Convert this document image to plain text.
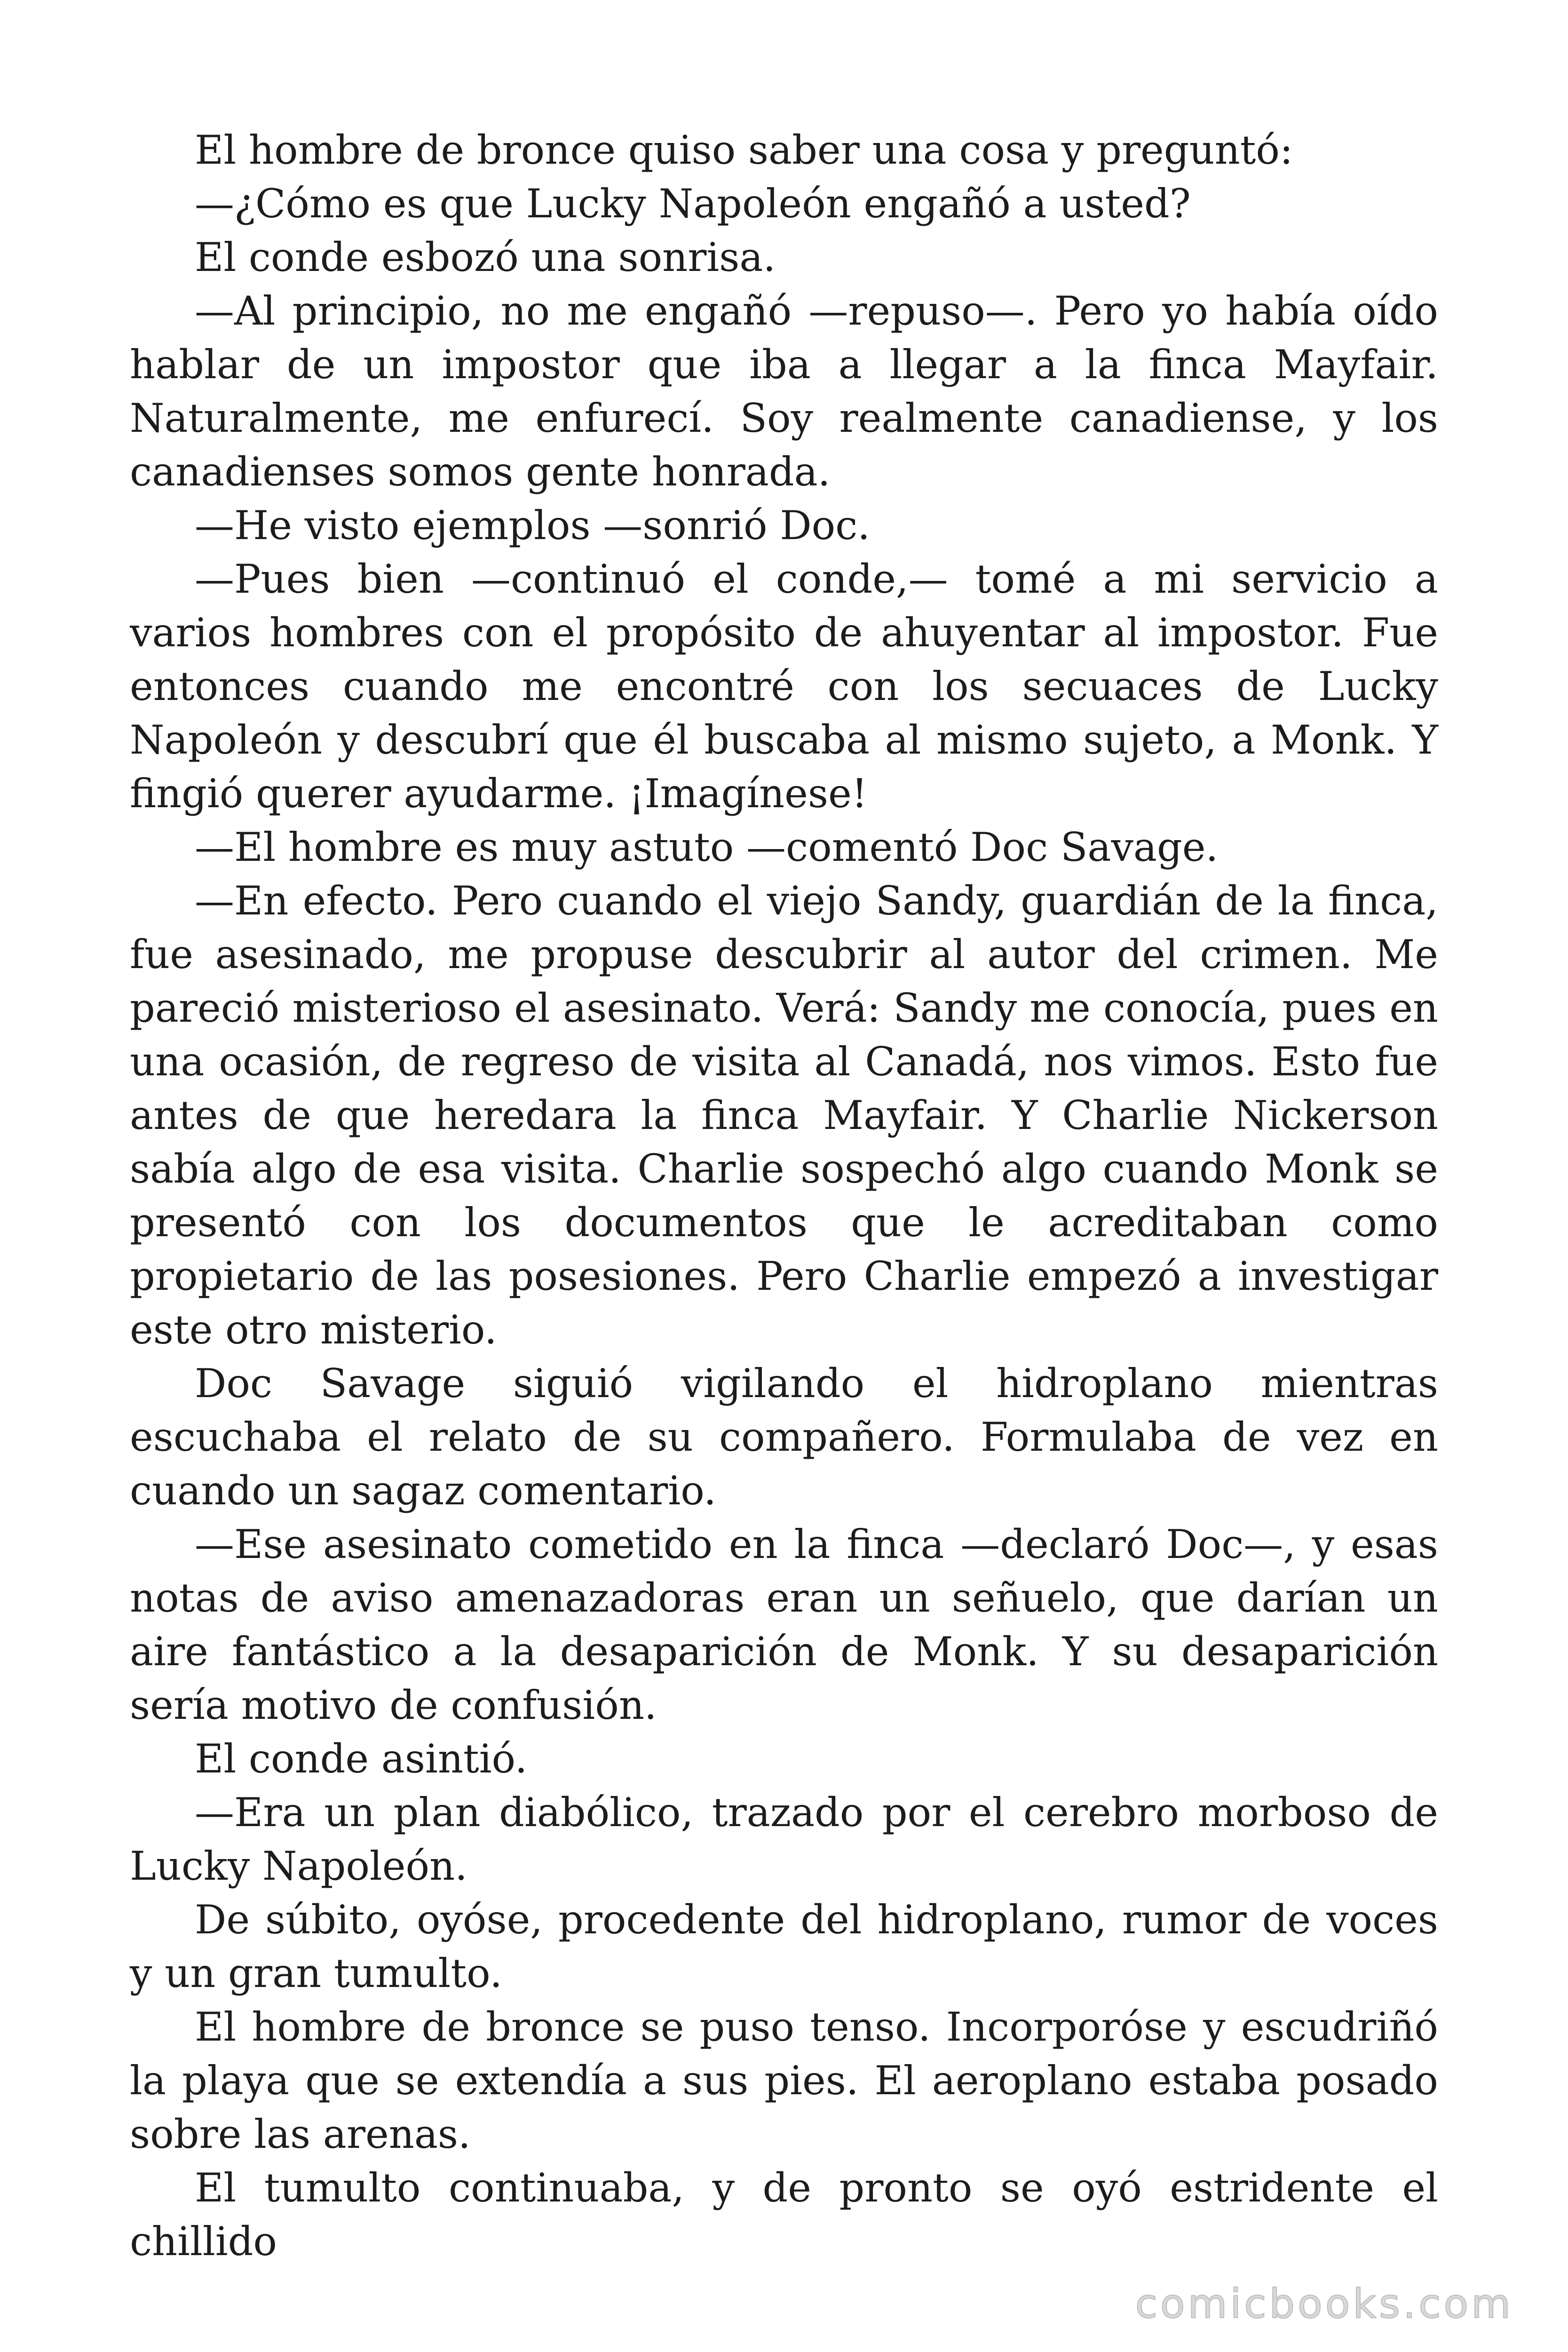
El hombre de bronce quiso saber una cosa y preguntó:

—¿Cómo es que Lucky Napoleón engañó a usted?

El conde esbozó una sonrisa.

—Al principio, no me engañó —repuso—. Pero yo había oído hablar de un impostor que iba a llegar a la finca Mayfair. Naturalmente, me enfurecí. Soy realmente canadiense, y los canadienses somos gente honrada.

—He visto ejemplos —sonrió Doc.

—Pues bien —continuó el conde,— tomé a mi servicio a varios hombres con el propósito de ahuyentar al impostor. Fue entonces cuando me encontré con los secuaces de Lucky Napoleón y descubrí que él buscaba al mismo sujeto, a Monk. Y fingió querer ayudarme. ¡Imagínese!

—El hombre es muy astuto —comentó Doc Savage.

—En efecto. Pero cuando el viejo Sandy, guardián de la finca, fue asesinado, me propuse descubrir al autor del crimen. Me pareció misterioso el asesinato. Verá: Sandy me conocía, pues en una ocasión, de regreso de visita al Canadá, nos vimos. Esto fue antes de que heredara la finca Mayfair. Y Charlie Nickerson sabía algo de esa visita. Charlie sospechó algo cuando Monk se presentó con los documentos que le acreditaban como propietario de las posesiones. Pero Charlie empezó a investigar este otro misterio.

Doc Savage siguió vigilando el hidroplano mientras escuchaba el relato de su compañero. Formulaba de vez en cuando un sagaz comentario.

—Ese asesinato cometido en la finca —declaró Doc—, y esas notas de aviso amenazadoras eran un señuelo, que darían un aire fantástico a la desaparición de Monk. Y su desaparición sería motivo de confusión.

El conde asintió.

—Era un plan diabólico, trazado por el cerebro morboso de Lucky Napoleón.

De súbito, oyóse, procedente del hidroplano, rumor de voces y un gran tumulto.

El hombre de bronce se puso tenso. Incorporóse y escudriñó la playa que se extendía a sus pies. El aeroplano estaba posado sobre las arenas.

El tumulto continuaba, y de pronto se oyó estridente el chillido

comicbooks.com
